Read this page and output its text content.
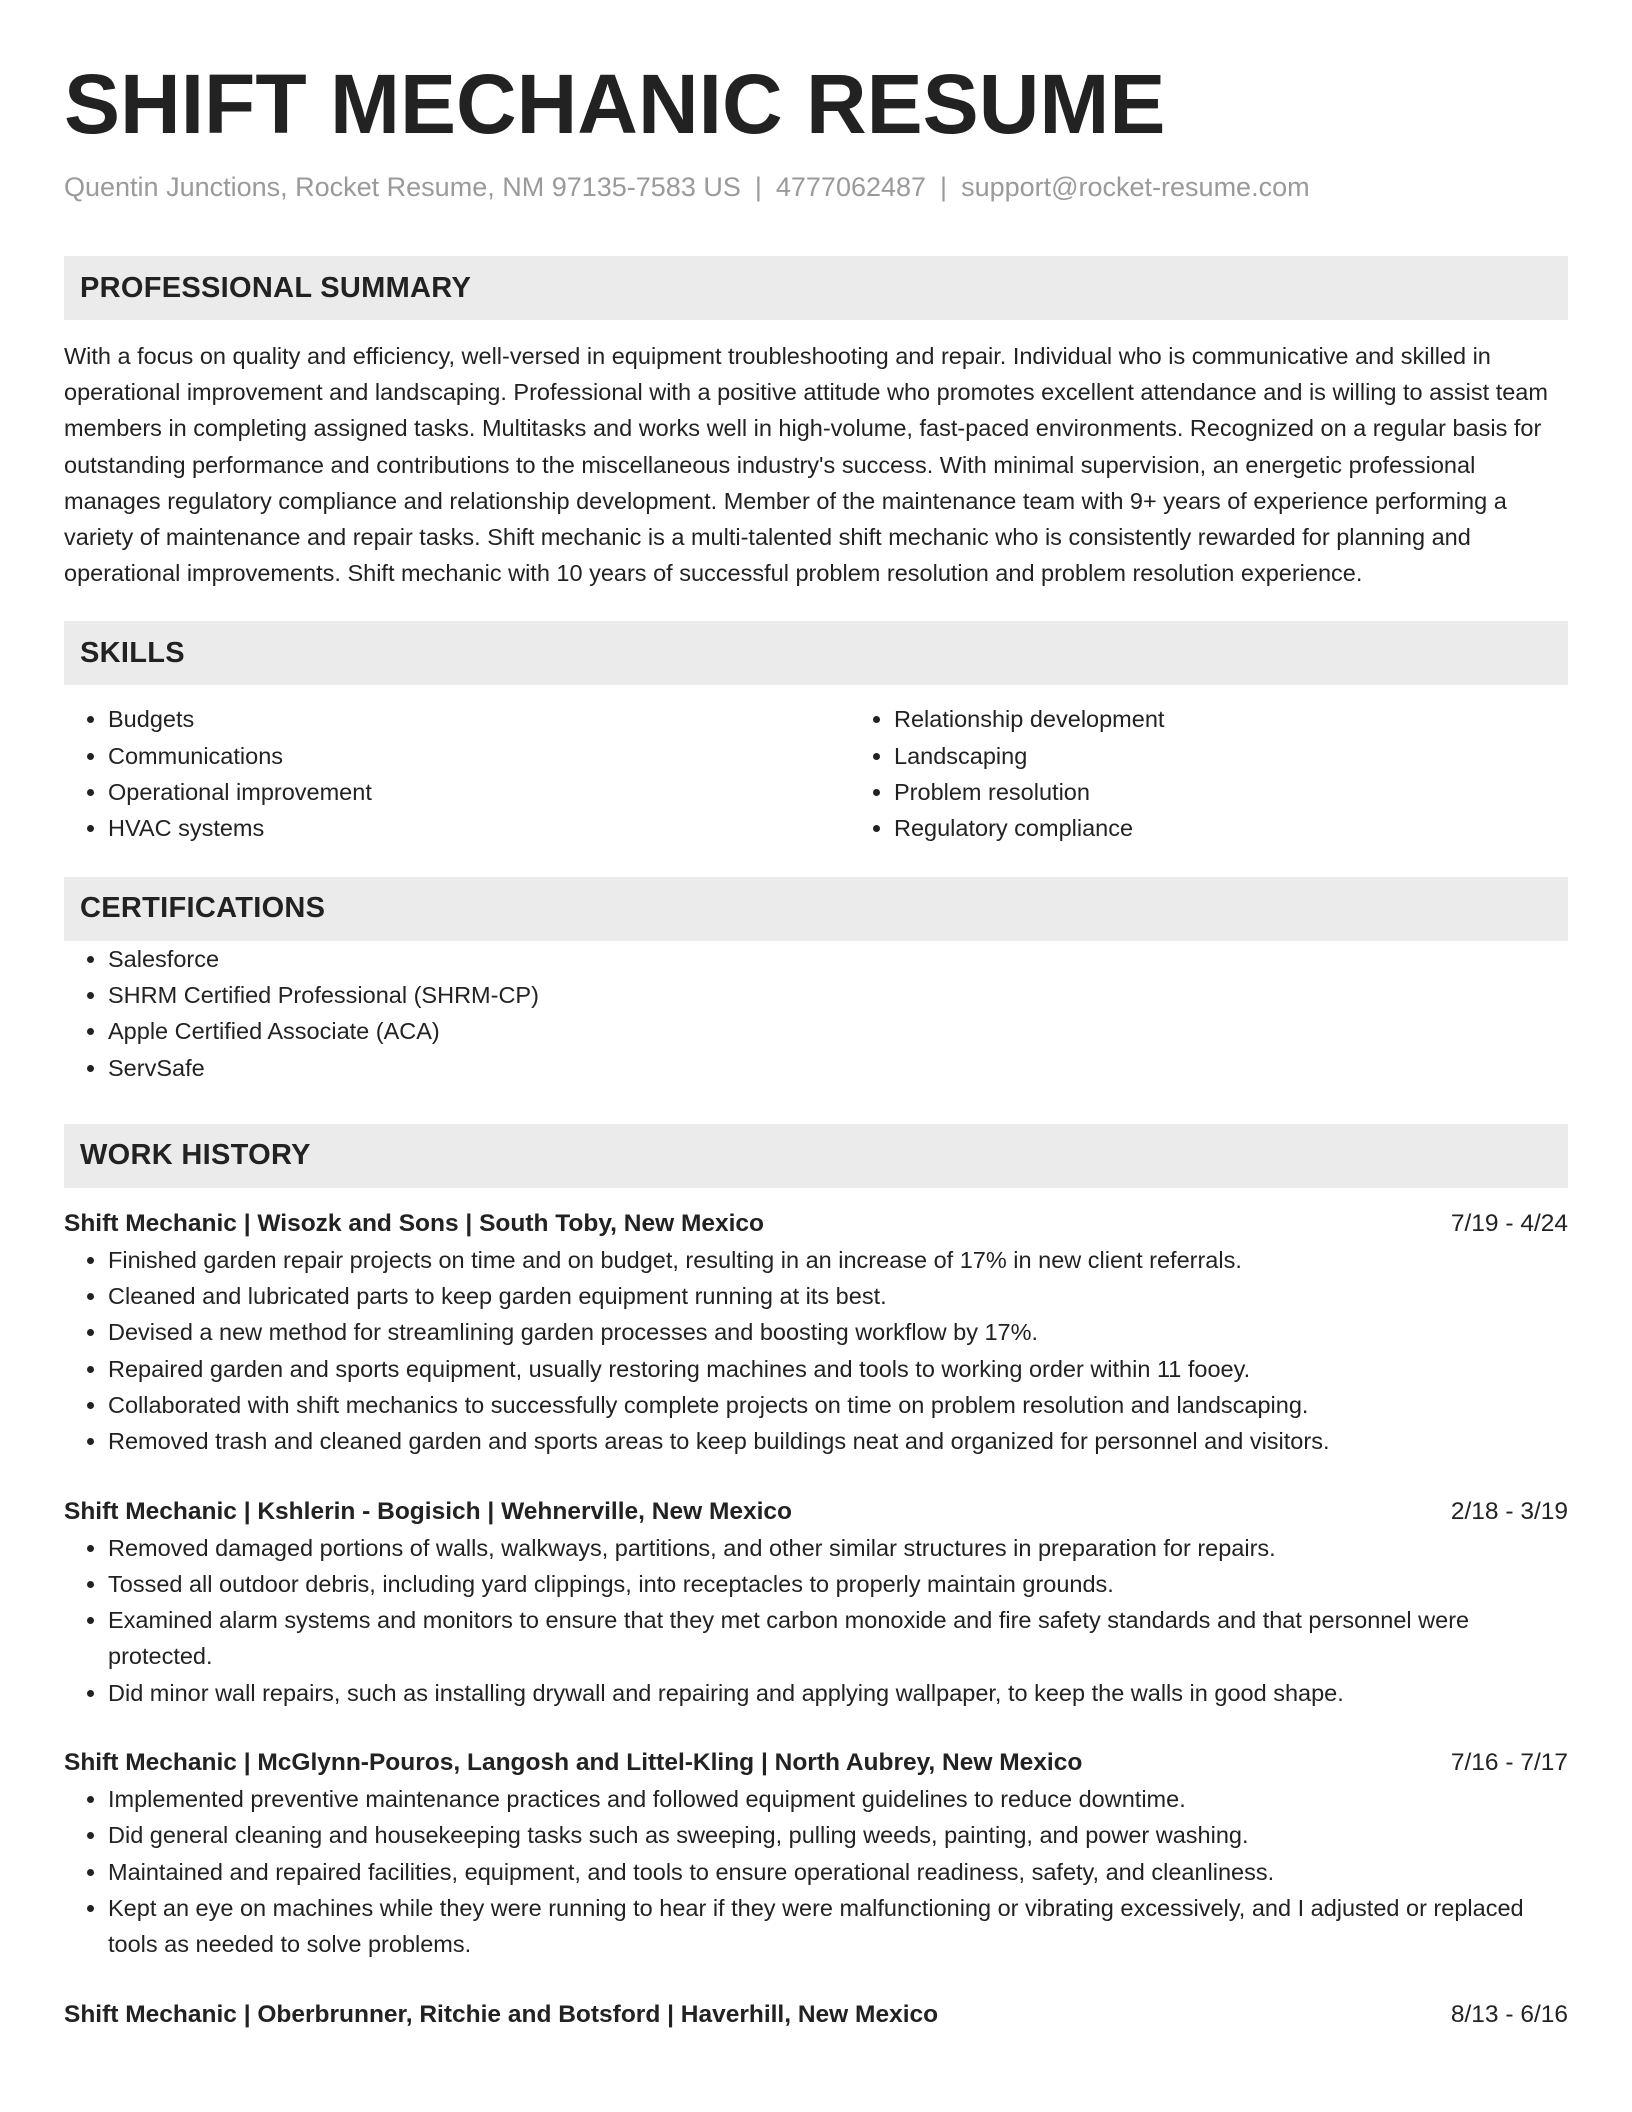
SHIFT MECHANIC RESUME
Quentin Junctions, Rocket Resume, NM 97135-7583 US | 4777062487 | support@rocket-resume.com
PROFESSIONAL SUMMARY

With a focus on quality and efficiency, well-versed in equipment troubleshooting and repair. Individual who is communicative and skilled in operational improvement and landscaping. Professional with a positive attitude who promotes excellent attendance and is willing to assist team members in completing assigned tasks. Multitasks and works well in high-volume, fast-paced environments. Recognized on a regular basis for outstanding performance and contributions to the miscellaneous industry's success. With minimal supervision, an energetic professional manages regulatory compliance and relationship development. Member of the maintenance team with 9+ years of experience performing a variety of maintenance and repair tasks. Shift mechanic is a multi-talented shift mechanic who is consistently rewarded for planning and operational improvements. Shift mechanic with 10 years of successful problem resolution and problem resolution experience.

SKILLS
• Budgets
• Communications
• Operational improvement
• HVAC systems
• Relationship development
• Landscaping
• Problem resolution
• Regulatory compliance
CERTIFICATIONS
• Salesforce
• SHRM Certified Professional (SHRM-CP)
• Apple Certified Associate (ACA)
• ServSafe
WORK HISTORY
Shift Mechanic | Wisozk and Sons | South Toby, New Mexico	7/19 - 4/24
• Finished garden repair projects on time and on budget, resulting in an increase of 17% in new client referrals.
• Cleaned and lubricated parts to keep garden equipment running at its best.
• Devised a new method for streamlining garden processes and boosting workflow by 17%.
• Repaired garden and sports equipment, usually restoring machines and tools to working order within 11 fooey.
• Collaborated with shift mechanics to successfully complete projects on time on problem resolution and landscaping.
• Removed trash and cleaned garden and sports areas to keep buildings neat and organized for personnel and visitors.
Shift Mechanic | Kshlerin - Bogisich | Wehnerville, New Mexico	2/18 - 3/19
• Removed damaged portions of walls, walkways, partitions, and other similar structures in preparation for repairs.
• Tossed all outdoor debris, including yard clippings, into receptacles to properly maintain grounds.
• Examined alarm systems and monitors to ensure that they met carbon monoxide and fire safety standards and that personnel were protected.
• Did minor wall repairs, such as installing drywall and repairing and applying wallpaper, to keep the walls in good shape.
Shift Mechanic | McGlynn-Pouros, Langosh and Littel-Kling | North Aubrey, New Mexico	7/16 - 7/17
• Implemented preventive maintenance practices and followed equipment guidelines to reduce downtime.
• Did general cleaning and housekeeping tasks such as sweeping, pulling weeds, painting, and power washing.
• Maintained and repaired facilities, equipment, and tools to ensure operational readiness, safety, and cleanliness.
• Kept an eye on machines while they were running to hear if they were malfunctioning or vibrating excessively, and I adjusted or replaced tools as needed to solve problems.
Shift Mechanic | Oberbrunner, Ritchie and Botsford | Haverhill, New Mexico	8/13 - 6/16
